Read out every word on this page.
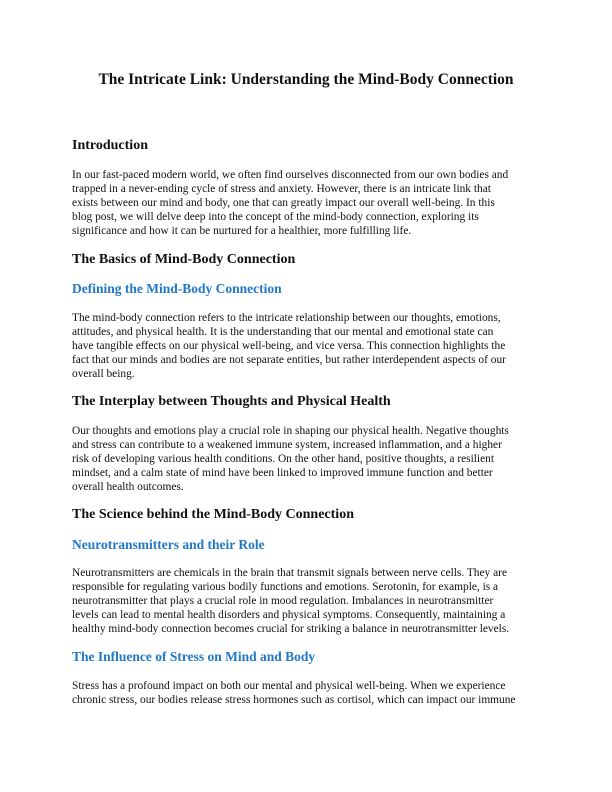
The Intricate Link: Understanding the Mind-Body Connection
Introduction
In our fast-paced modern world, we often find ourselves disconnected from our own bodies and
trapped in a never-ending cycle of stress and anxiety. However, there is an intricate link that
exists between our mind and body, one that can greatly impact our overall well-being. In this
blog post, we will delve deep into the concept of the mind-body connection, exploring its
significance and how it can be nurtured for a healthier, more fulfilling life.
The Basics of Mind-Body Connection
Defining the Mind-Body Connection
The mind-body connection refers to the intricate relationship between our thoughts, emotions,
attitudes, and physical health. It is the understanding that our mental and emotional state can
have tangible effects on our physical well-being, and vice versa. This connection highlights the
fact that our minds and bodies are not separate entities, but rather interdependent aspects of our
overall being.
The Interplay between Thoughts and Physical Health
Our thoughts and emotions play a crucial role in shaping our physical health. Negative thoughts
and stress can contribute to a weakened immune system, increased inflammation, and a higher
risk of developing various health conditions. On the other hand, positive thoughts, a resilient
mindset, and a calm state of mind have been linked to improved immune function and better
overall health outcomes.
The Science behind the Mind-Body Connection
Neurotransmitters and their Role
Neurotransmitters are chemicals in the brain that transmit signals between nerve cells. They are
responsible for regulating various bodily functions and emotions. Serotonin, for example, is a
neurotransmitter that plays a crucial role in mood regulation. Imbalances in neurotransmitter
levels can lead to mental health disorders and physical symptoms. Consequently, maintaining a
healthy mind-body connection becomes crucial for striking a balance in neurotransmitter levels.
The Influence of Stress on Mind and Body
Stress has a profound impact on both our mental and physical well-being. When we experience
chronic stress, our bodies release stress hormones such as cortisol, which can impact our immune
